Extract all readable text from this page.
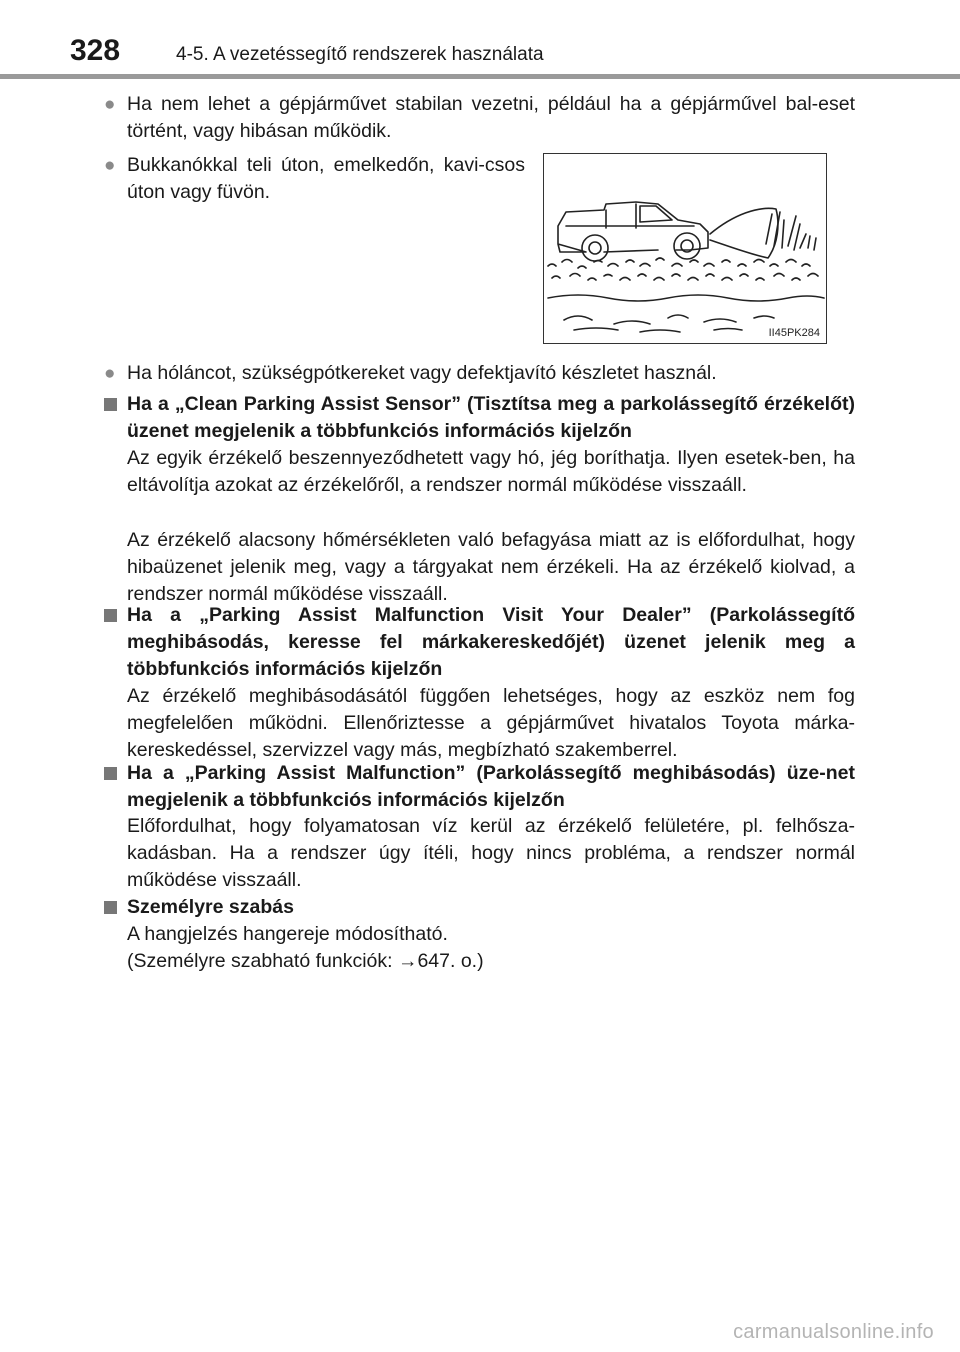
328	4-5. A vezetéssegítő rendszerek használata
● Ha nem lehet a gépjárművet stabilan vezetni, például ha a gépjárművel bal-eset történt, vagy hibásan működik.
● Bukkanókkal teli úton, emelkedőn, kavi-csos úton vagy füvön.
II45PK284
● Ha hóláncot, szükségpótkereket vagy defektjavító készletet használ.
Ha a „Clean Parking Assist Sensor” (Tisztítsa meg a parkolássegítő érzékelőt) üzenet megjelenik a többfunkciós információs kijelzőn
Az egyik érzékelő beszennyeződhetett vagy hó, jég boríthatja. Ilyen esetek-ben, ha eltávolítja azokat az érzékelőről, a rendszer normál működése visszaáll.
Az érzékelő alacsony hőmérsékleten való befagyása miatt az is előfordulhat, hogy hibaüzenet jelenik meg, vagy a tárgyakat nem érzékeli. Ha az érzékelő kiolvad, a rendszer normál működése visszaáll.
Ha a „Parking Assist Malfunction Visit Your Dealer” (Parkolássegítő meghibásodás, keresse fel márkakereskedőjét) üzenet jelenik meg a többfunkciós információs kijelzőn
Az érzékelő meghibásodásától függően lehetséges, hogy az eszköz nem fog megfelelően működni. Ellenőriztesse a gépjárművet hivatalos Toyota márka-kereskedéssel, szervizzel vagy más, megbízható szakemberrel.
Ha a „Parking Assist Malfunction” (Parkolássegítő meghibásodás) üze-net megjelenik a többfunkciós információs kijelzőn
Előfordulhat, hogy folyamatosan víz kerül az érzékelő felületére, pl. felhősza-kadásban. Ha a rendszer úgy ítéli, hogy nincs probléma, a rendszer normál működése visszaáll.
Személyre szabás
A hangjelzés hangereje módosítható.
(Személyre szabható funkciók: →647. o.)
carmanualsonline.info
